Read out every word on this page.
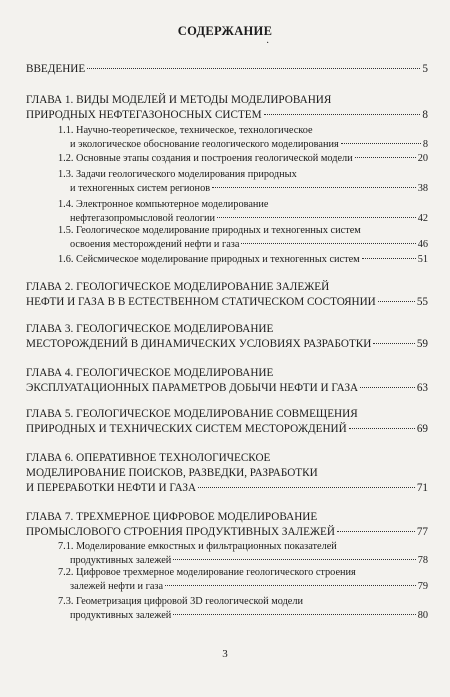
СОДЕРЖАНИЕ
·
ВВЕДЕНИЕ	5
ГЛАВА 1. ВИДЫ МОДЕЛЕЙ И МЕТОДЫ МОДЕЛИРОВАНИЯ
ПРИРОДНЫХ НЕФТЕГАЗОНОСНЫХ СИСТЕМ	8
1.1. Научно-теоретическое, техническое, технологическое
и экологическое обоснование геологического моделирования	8
1.2. Основные этапы создания и построения геологической модели	20
1.3. Задачи геологического моделирования природных
и техногенных систем регионов	38
1.4. Электронное компьютерное моделирование
нефтегазопромысловой геологии	42
1.5. Геологическое моделирование природных и техногенных систем
освоения месторождений нефти и газа	46
1.6. Сейсмическое моделирование природных и техногенных систем	51
ГЛАВА 2. ГЕОЛОГИЧЕСКОЕ МОДЕЛИРОВАНИЕ ЗАЛЕЖЕЙ
НЕФТИ И ГАЗА В В ЕСТЕСТВЕННОМ СТАТИЧЕСКОМ СОСТОЯНИИ	55
ГЛАВА 3. ГЕОЛОГИЧЕСКОЕ МОДЕЛИРОВАНИЕ
МЕСТОРОЖДЕНИЙ В ДИНАМИЧЕСКИХ УСЛОВИЯХ РАЗРАБОТКИ	59
ГЛАВА 4. ГЕОЛОГИЧЕСКОЕ МОДЕЛИРОВАНИЕ
ЭКСПЛУАТАЦИОННЫХ ПАРАМЕТРОВ ДОБЫЧИ НЕФТИ И ГАЗА	63
ГЛАВА 5. ГЕОЛОГИЧЕСКОЕ МОДЕЛИРОВАНИЕ СОВМЕЩЕНИЯ
ПРИРОДНЫХ И ТЕХНИЧЕСКИХ СИСТЕМ МЕСТОРОЖДЕНИЙ	69
ГЛАВА 6. ОПЕРАТИВНОЕ ТЕХНОЛОГИЧЕСКОЕ
МОДЕЛИРОВАНИЕ ПОИСКОВ, РАЗВЕДКИ, РАЗРАБОТКИ
И ПЕРЕРАБОТКИ НЕФТИ И ГАЗА	71
ГЛАВА 7. ТРЕХМЕРНОЕ ЦИФРОВОЕ МОДЕЛИРОВАНИЕ
ПРОМЫСЛОВОГО СТРОЕНИЯ ПРОДУКТИВНЫХ ЗАЛЕЖЕЙ	77
7.1. Моделирование емкостных и фильтрационных показателей
продуктивных залежей	78
7.2. Цифровое трехмерное моделирование геологического строения
залежей нефти и газа	79
7.3. Геометризация цифровой 3D геологической модели
продуктивных залежей	80
3
